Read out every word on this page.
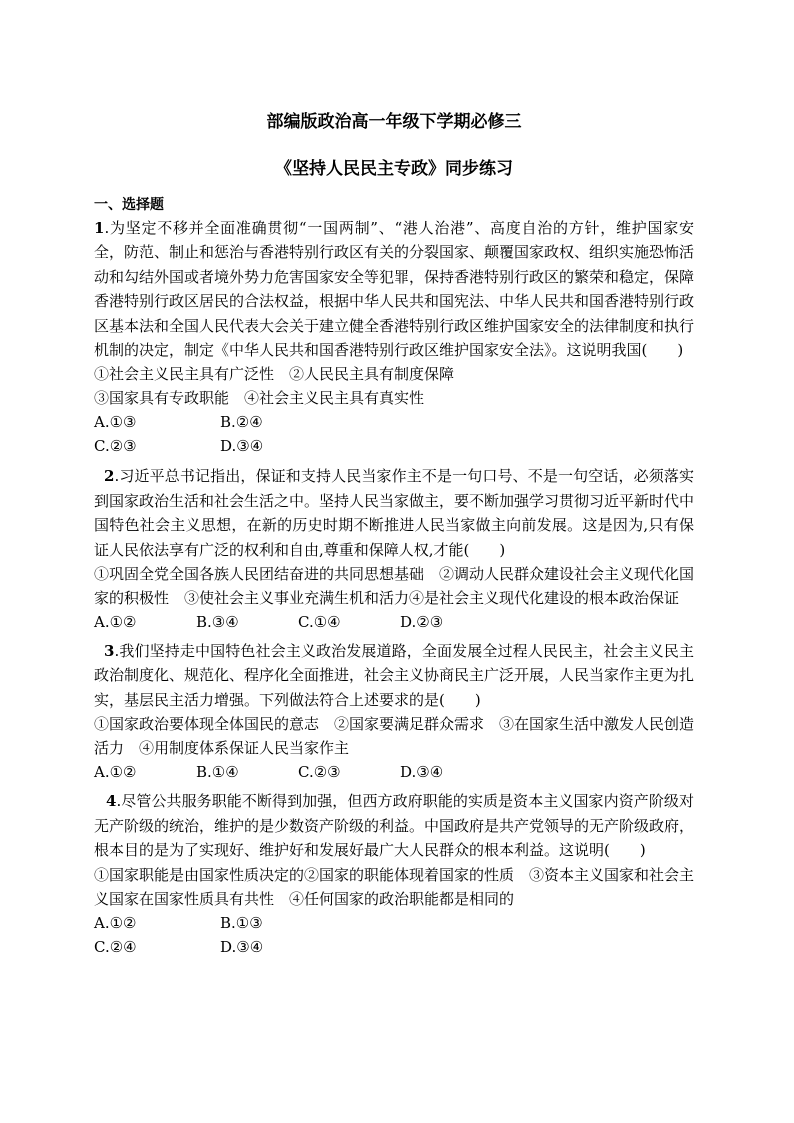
部编版政治高一年级下学期必修三
《坚持人民民主专政》同步练习
一、选择题

1.为坚定不移并全面准确贯彻“一国两制”、“港人治港”、高度自治的方针，维护国家安全，防范、制止和惩治与香港特别行政区有关的分裂国家、颠覆国家政权、组织实施恐怖活动和勾结外国或者境外势力危害国家安全等犯罪，保持香港特别行政区的繁荣和稳定，保障香港特别行政区居民的合法权益，根据中华人民共和国宪法、中华人民共和国香港特别行政区基本法和全国人民代表大会关于建立健全香港特别行政区维护国家安全的法律制度和执行机制的决定，制定《中华人民共和国香港特别行政区维护国家安全法》。这说明我国(　　)

①社会主义民主具有广泛性　②人民民主具有制度保障

③国家具有专政职能　④社会主义民主具有真实性

A.①③	B.②④
C.②③	D.③④

2.习近平总书记指出，保证和支持人民当家作主不是一句口号、不是一句空话，必须落实到国家政治生活和社会生活之中。坚持人民当家做主，要不断加强学习贯彻习近平新时代中国特色社会主义思想，在新的历史时期不断推进人民当家做主向前发展。这是因为,只有保证人民依法享有广泛的权利和自由,尊重和保障人权,才能(　　)

①巩固全党全国各族人民团结奋进的共同思想基础　②调动人民群众建设社会主义现代化国家的积极性　③使社会主义事业充满生机和活力④是社会主义现代化建设的根本政治保证

A.①②	B.③④	C.①④	D.②③

3.我们坚持走中国特色社会主义政治发展道路，全面发展全过程人民民主，社会主义民主政治制度化、规范化、程序化全面推进，社会主义协商民主广泛开展，人民当家作主更为扎实，基层民主活力增强。下列做法符合上述要求的是(　　)

①国家政治要体现全体国民的意志　②国家要满足群众需求　③在国家生活中激发人民创造活力　④用制度体系保证人民当家作主

A.①②	B.①④	C.②③	D.③④

4.尽管公共服务职能不断得到加强，但西方政府职能的实质是资本主义国家内资产阶级对无产阶级的统治，维护的是少数资产阶级的利益。中国政府是共产党领导的无产阶级政府，根本目的是为了实现好、维护好和发展好最广大人民群众的根本利益。这说明(　　)

①国家职能是由国家性质决定的②国家的职能体现着国家的性质　③资本主义国家和社会主义国家在国家性质具有共性　④任何国家的政治职能都是相同的

A.①②	B.①③
C.②④	D.③④
